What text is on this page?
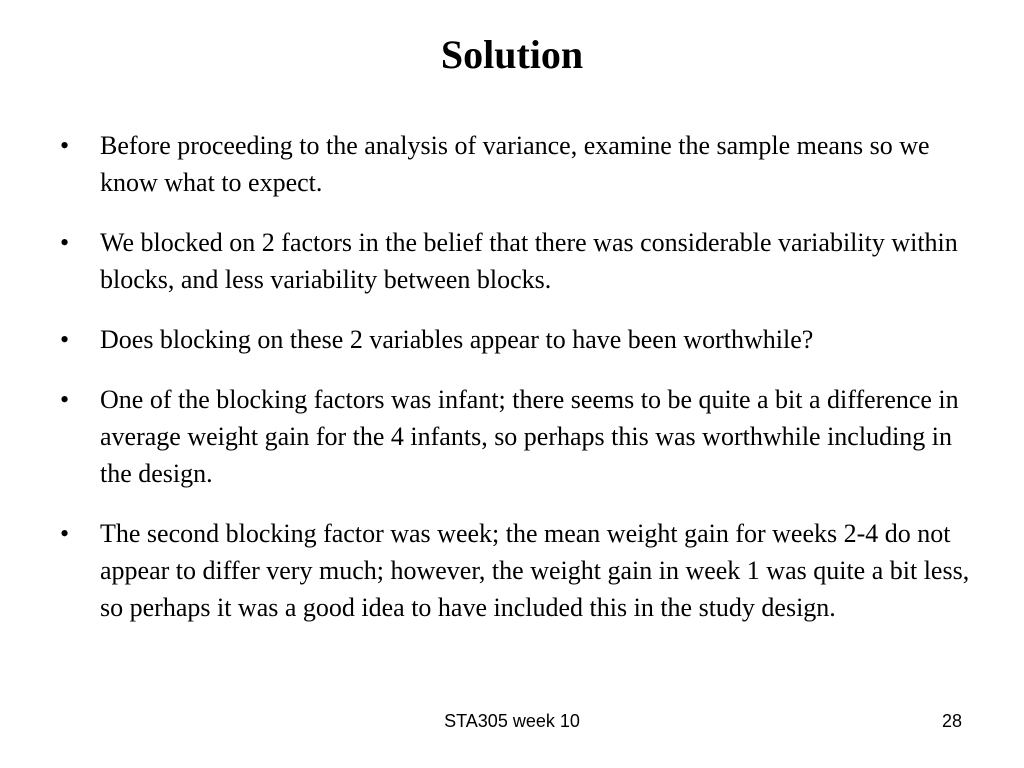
Solution
•	Before proceeding to the analysis of variance, examine the sample means so we know what to expect.
•	We blocked on 2 factors in the belief that there was considerable variability within blocks, and less variability between blocks.
•	Does blocking on these 2 variables appear to have been worthwhile?
•	One of the blocking factors was infant; there seems to be quite a bit a difference in average weight gain for the 4 infants, so perhaps this was worthwhile including in the design.
•	The second blocking factor was week; the mean weight gain for weeks 2-4 do not appear to differ very much; however, the weight gain in week 1 was quite a bit less, so perhaps it was a good idea to have included this in the study design.
STA305 week 10	28
